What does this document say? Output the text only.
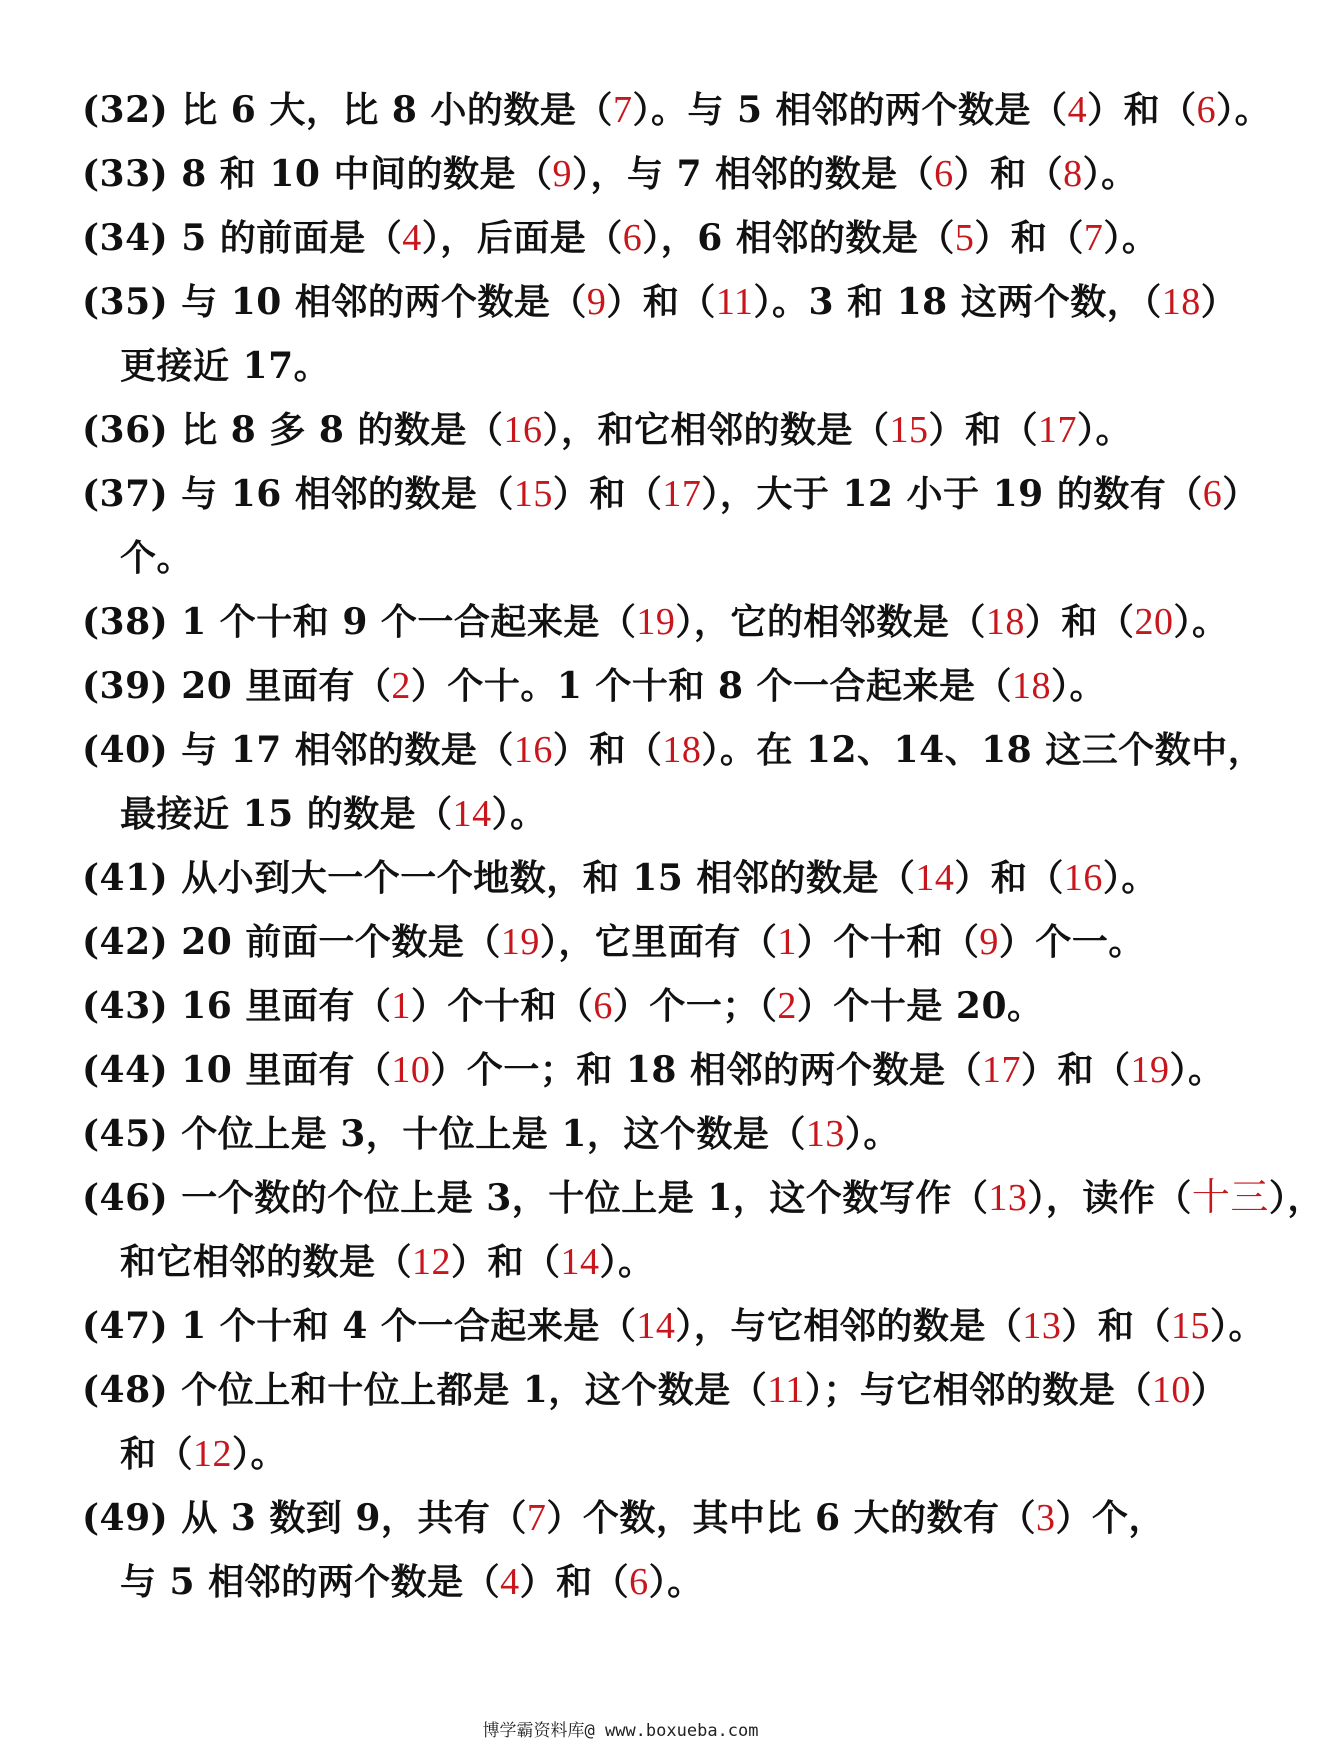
(32) 比 6 大，比 8 小的数是（7）。与 5 相邻的两个数是（4）和（6）。
(33) 8 和 10 中间的数是（9），与 7 相邻的数是（6）和（8）。
(34) 5 的前面是（4），后面是（6），6 相邻的数是（5）和（7）。
(35) 与 10 相邻的两个数是（9）和（11）。3 和 18 这两个数，（18）
更接近 17。
(36) 比 8 多 8 的数是（16），和它相邻的数是（15）和（17）。
(37) 与 16 相邻的数是（15）和（17），大于 12 小于 19 的数有（6）
个。
(38) 1 个十和 9 个一合起来是（19），它的相邻数是（18）和（20）。
(39) 20 里面有（2）个十。1 个十和 8 个一合起来是（18）。
(40) 与 17 相邻的数是（16）和（18）。在 12、14、18 这三个数中，
最接近 15 的数是（14）。
(41) 从小到大一个一个地数，和 15 相邻的数是（14）和（16）。
(42) 20 前面一个数是（19），它里面有（1）个十和（9）个一。
(43) 16 里面有（1）个十和（6）个一；（2）个十是 20。
(44) 10 里面有（10）个一；和 18 相邻的两个数是（17）和（19）。
(45) 个位上是 3，十位上是 1，这个数是（13）。
(46) 一个数的个位上是 3，十位上是 1，这个数写作（13），读作（十三），
和它相邻的数是（12）和（14）。
(47) 1 个十和 4 个一合起来是（14），与它相邻的数是（13）和（15）。
(48) 个位上和十位上都是 1，这个数是（11）；与它相邻的数是（10）
和（12）。
(49) 从 3 数到 9，共有（7）个数，其中比 6 大的数有（3）个，
与 5 相邻的两个数是（4）和（6）。
博学霸资料库@ www.boxueba.com
